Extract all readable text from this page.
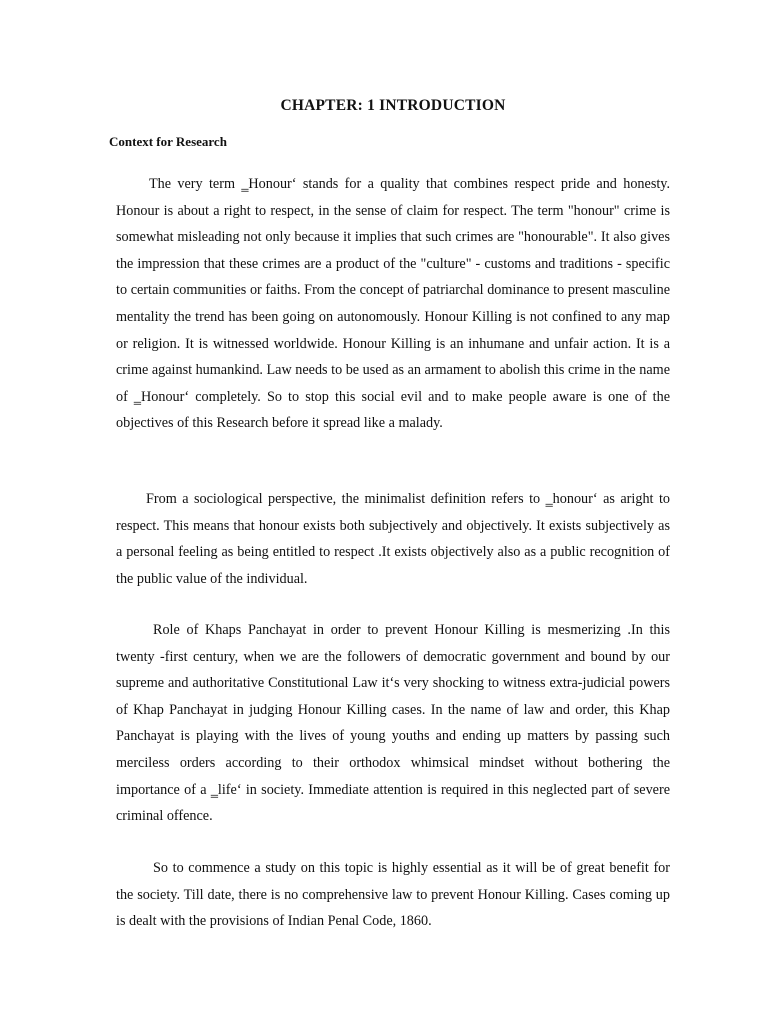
CHAPTER: 1 INTRODUCTION
Context for Research

The very term ‗Honour‘ stands for a quality that combines respect pride and honesty. Honour is about a right to respect, in the sense of claim for respect. The term "honour" crime is somewhat misleading not only because it implies that such crimes are "honourable". It also gives the impression that these crimes are a product of the "culture" - customs and traditions - specific to certain communities or faiths. From the concept of patriarchal dominance to present masculine mentality the trend has been going on autonomously. Honour Killing is not confined to any map or religion. It is witnessed worldwide. Honour Killing is an inhumane and unfair action. It is a crime against humankind. Law needs to be used as an armament to abolish this crime in the name of ‗Honour‘ completely. So to stop this social evil and to make people aware is one of the objectives of this Research before it spread like a malady.

From a sociological perspective, the minimalist definition refers to ‗honour‘ as aright to respect. This means that honour exists both subjectively and objectively. It exists subjectively as a personal feeling as being entitled to respect .It exists objectively also as a public recognition of the public value of the individual.

Role of Khaps Panchayat in order to prevent Honour Killing is mesmerizing .In this twenty -first century, when we are the followers of democratic government and bound by our supreme and authoritative Constitutional Law it‘s very shocking to witness extra-judicial powers of Khap Panchayat in judging Honour Killing cases. In the name of law and order, this Khap Panchayat is playing with the lives of young youths and ending up matters by passing such merciless orders according to their orthodox whimsical mindset without bothering the importance of a ‗life‘ in society. Immediate attention is required in this neglected part of severe criminal offence.

So to commence a study on this topic is highly essential as it will be of great benefit for the society. Till date, there is no comprehensive law to prevent Honour Killing. Cases coming up is dealt with the provisions of Indian Penal Code, 1860.
